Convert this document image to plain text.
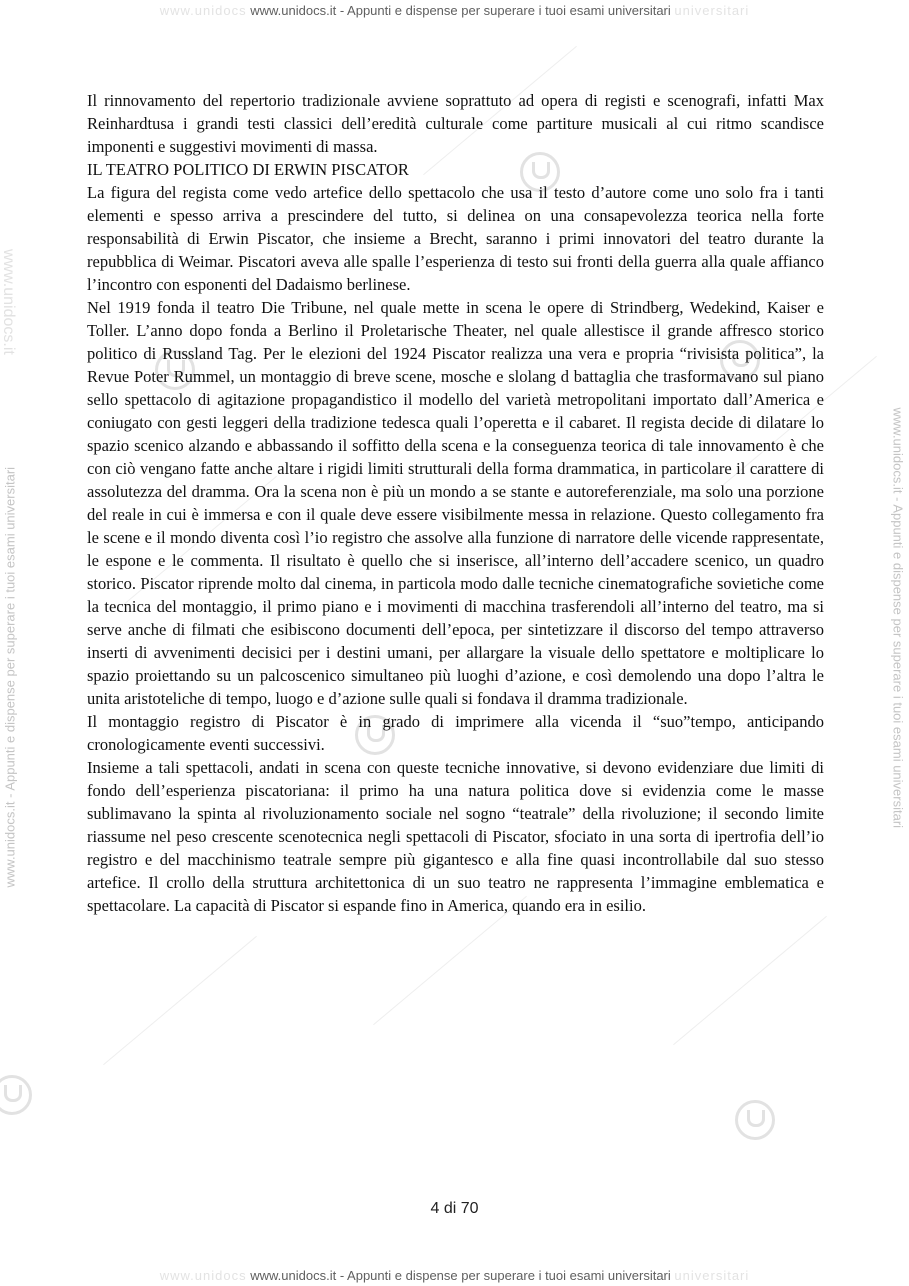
www.unidocs www.unidocs.it - Appunti e dispense per superare i tuoi esami universitari universitari
www.unidocs.it - Appunti e dispense per superare i tuoi esami universitari	www.unidocs.it - Appunti e dispense per superare i tuoi esami universitari
www.unidocs.it

Il rinnovamento del repertorio tradizionale avviene soprattuto ad opera di registi e scenografi, infatti Max Reinhardtusa i grandi testi classici dell’eredità culturale come partiture musicali al cui ritmo scandisce imponenti e suggestivi movimenti di massa.

IL TEATRO POLITICO DI ERWIN PISCATOR

La figura del regista come vedo artefice dello spettacolo che usa il testo d’autore come uno solo fra i tanti elementi e spesso arriva a prescindere del tutto, si delinea on una consapevolezza teorica nella forte responsabilità di Erwin Piscator, che insieme a Brecht, saranno i primi innovatori del teatro durante la repubblica di Weimar. Piscatori aveva alle spalle l’esperienza di testo sui fronti della guerra alla quale affianco l’incontro con esponenti del Dadaismo berlinese.

Nel 1919 fonda il teatro Die Tribune, nel quale mette in scena le opere di Strindberg, Wedekind, Kaiser e Toller. L’anno dopo fonda a Berlino il Proletarische Theater, nel quale allestisce il grande affresco storico politico di Russland Tag. Per le elezioni del 1924 Piscator realizza una vera e propria “rivisista politica”, la Revue Poter Rummel, un montaggio di breve scene, mosche e slolang d battaglia che trasformavano sul piano sello spettacolo di agitazione propagandistico il modello del varietà metropolitani importato dall’America e coniugato con gesti leggeri della tradizione tedesca quali l’operetta e il cabaret. Il regista decide di dilatare lo spazio scenico alzando e abbassando il soffitto della scena e la conseguenza teorica di tale innovamento è che con ciò vengano fatte anche altare i rigidi limiti strutturali della forma drammatica, in particolare il carattere di assolutezza del dramma. Ora la scena non è più un mondo a se stante e autoreferenziale, ma solo una porzione del reale in cui è immersa e con il quale deve essere visibilmente messa in relazione. Questo collegamento fra le scene e il mondo diventa così l’io registro che assolve alla funzione di narratore delle vicende rappresentate, le espone e le commenta. Il risultato è quello che si inserisce, all’interno dell’accadere scenico, un quadro storico. Piscator riprende molto dal cinema, in particola modo dalle tecniche cinematografiche sovietiche come la tecnica del montaggio, il primo piano e i movimenti di macchina trasferendoli all’interno del teatro, ma si serve anche di filmati che esibiscono documenti dell’epoca, per sintetizzare il discorso del tempo attraverso inserti di avvenimenti decisici per i destini umani, per allargare la visuale dello spettatore e moltiplicare lo spazio proiettando su un palcoscenico simultaneo più luoghi d’azione, e così demolendo una dopo l’altra le unita aristoteliche di tempo, luogo e d’azione sulle quali si fondava il dramma tradizionale.

Il montaggio registro di Piscator è in grado di imprimere alla vicenda il “suo”tempo, anticipando cronologicamente eventi successivi.

Insieme a tali spettacoli, andati in scena con queste tecniche innovative, si devono evidenziare due limiti di fondo dell’esperienza piscatoriana: il primo ha una natura politica dove si evidenzia come le masse sublimavano la spinta al rivoluzionamento sociale nel sogno “teatrale” della rivoluzione; il secondo limite riassume nel peso crescente scenotecnica negli spettacoli di Piscator, sfociato in una sorta di ipertrofia dell’io registro e del macchinismo teatrale sempre più gigantesco e alla fine quasi incontrollabile dal suo stesso artefice. Il crollo della struttura architettonica di un suo teatro ne rappresenta l’immagine emblematica e spettacolare. La capacità di Piscator si espande fino in America, quando era in esilio.

4 di 70
www.unidocs www.unidocs.it - Appunti e dispense per superare i tuoi esami universitari universitari
